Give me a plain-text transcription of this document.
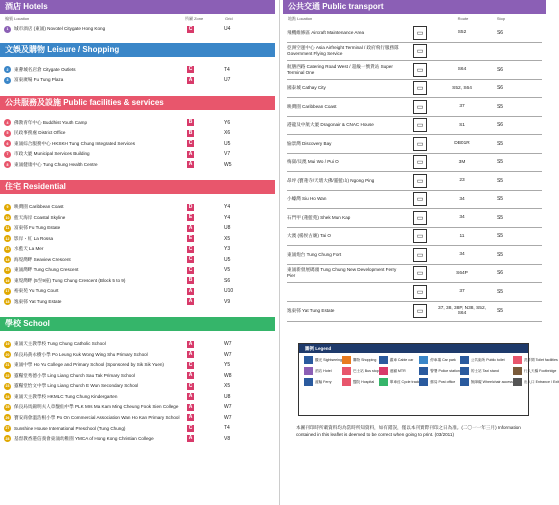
酒店 Hotels
編號 Location	所屬 Zone	Grid
1	城市酒店 (東涌) Novotel Citygate Hong Kong	C	U4
文娛及購物 Leisure / Shopping
2	東薈城名店倉 Citygate Outlets	C	T4
3	富東廣場 Fu Tung Plaza	A	U7
公共服務及設施 Public facilities & services
4	佛教青年中心 Buddhist Youth Camp	B	Y6
5	民政事務處 District Office	B	X6
6	東涌綜合服務中心 HKSKH Tung Chung Integrated Services	C	U5
7	市政大廈 Municipal Services Building	A	V7
8	東涌健康中心 Tung Chung Health Centre	A	W5
住宅 Residential
9	映灣園 Caribbean Coast	D	Y4
10 藍天海岸 Coastal Skyline	E	Y4
11	富東邨 Fu Tung Estate	A	U8
12 影岸・紅 La Rossa	E	X5
13 水藍天 La Mer	C	Y3
14 海堤灣畔 Seaview Crescent	C	U5
15 東涌灣畔 Tung Chung Crescent	C	V5
16 東堤灣畔 (5至9座) Tung Chung Crescent (Block 5 to 9)	B	S6
17 裕東苑 Yu Tung Court	A	U10
18 逸東邨 Yat Tung Estate	A	V9
學校 School
19 東涌天主教學校 Tung Chung Catholic School	A	W7
20 保良局黃永樹小學 Po Leung Kuk Wong Wing Shu Primary School	A	W7
21 東涌中學 Ho Yu College and Primary School (Sponsored by Sik Sik Yuen)	C	Y5
22 靈糧堂秀德小學 Ling Liang Church Sau Tak Primary School	A	W8
23 靈糧堂怡文中學 Ling Liang Church E Wun Secondary School	C	X5
24 東涌天主教學校 HKMLC Tung Chung Kindergarten	A	U8
25 保良局馬錦明夫人章馥仙中學 PLK Mrs Ma Kam Ming Cheung Fook Sien College	A	W7
26 寶安商會溫浩根小學 Po On Commercial Association Wan Ho Kan Primary School	A	W7
27 Sunshine House International Preschool (Tung Chung)	C	T4
28 基督教香港信義會東涌幼稚園 YMCA of Hong Kong Christian College	A	V8
公共交通 Public transport
地點 Location	Route	Stop
飛機維修區 Aircraft Maintenance Area	▭	S52	S6
亞洲空運中心 Asia Airfreight Terminal / 政府飛行服務隊 Government Flying Service	▭
航膳西路 Catering Road West / 超級一號貨站 Super Terminal One	▭	S64	S6
國泰城 Cathay City	▭	S52, S64	S6
映灣園 Caribbean Coast	▭	37	S5
港龍及中航大廈 Dragonair & CNAC House	▭	S1	S6
愉景灣 Discovery Bay	▭	DB01R	S5
梅窩/貝澳 Mui Wo / Pui O	▭	3M	S5
昂坪 (寶蓮寺/天壇大佛/靈藍山) Ngong Ping	▭	23	S5
小蠔灣 Siu Ho Wan	▭	34	S5
石門甲 (蓮藍苑) Shek Mun Kap	▭	34	S5
大澳 (楊侯古廟) Tai O	▭	11	S5
東涌炮台 Tung Chung Fort	▭	34	S5
東涌新發展碼頭 Tung Chung New Development Ferry Pier	▭	S64P	S6
▭	37	S5
逸東邨 Yat Tung Estate	▭	37, 38, 38P, N38, S52, S64	S5
圖例 Legend
觀光 Sightseeing	購物 Shopping	纜車 Cable car	停車場 Car park	公共廁所 Public toilet	洗手間 Toilet facilities
酒店 Hotel	巴士站 Bus stop	港鐵 MTR	警署 Police station	的士站 Taxi stand	行人天橋 Footbridge
渡輪 Ferry	醫院 Hospital	單車徑 Cycle track	郵局 Post office	無障礙 Wheelchair access	出入口 Entrance / Exit
本圖刊印時所載資料均為當時所知資料，如有錯誤，僅以本刊實際刊印之日為准。(二〇一一年三月) Information contained in this leaflet is deemed to be correct when going to print. (03/2011)
